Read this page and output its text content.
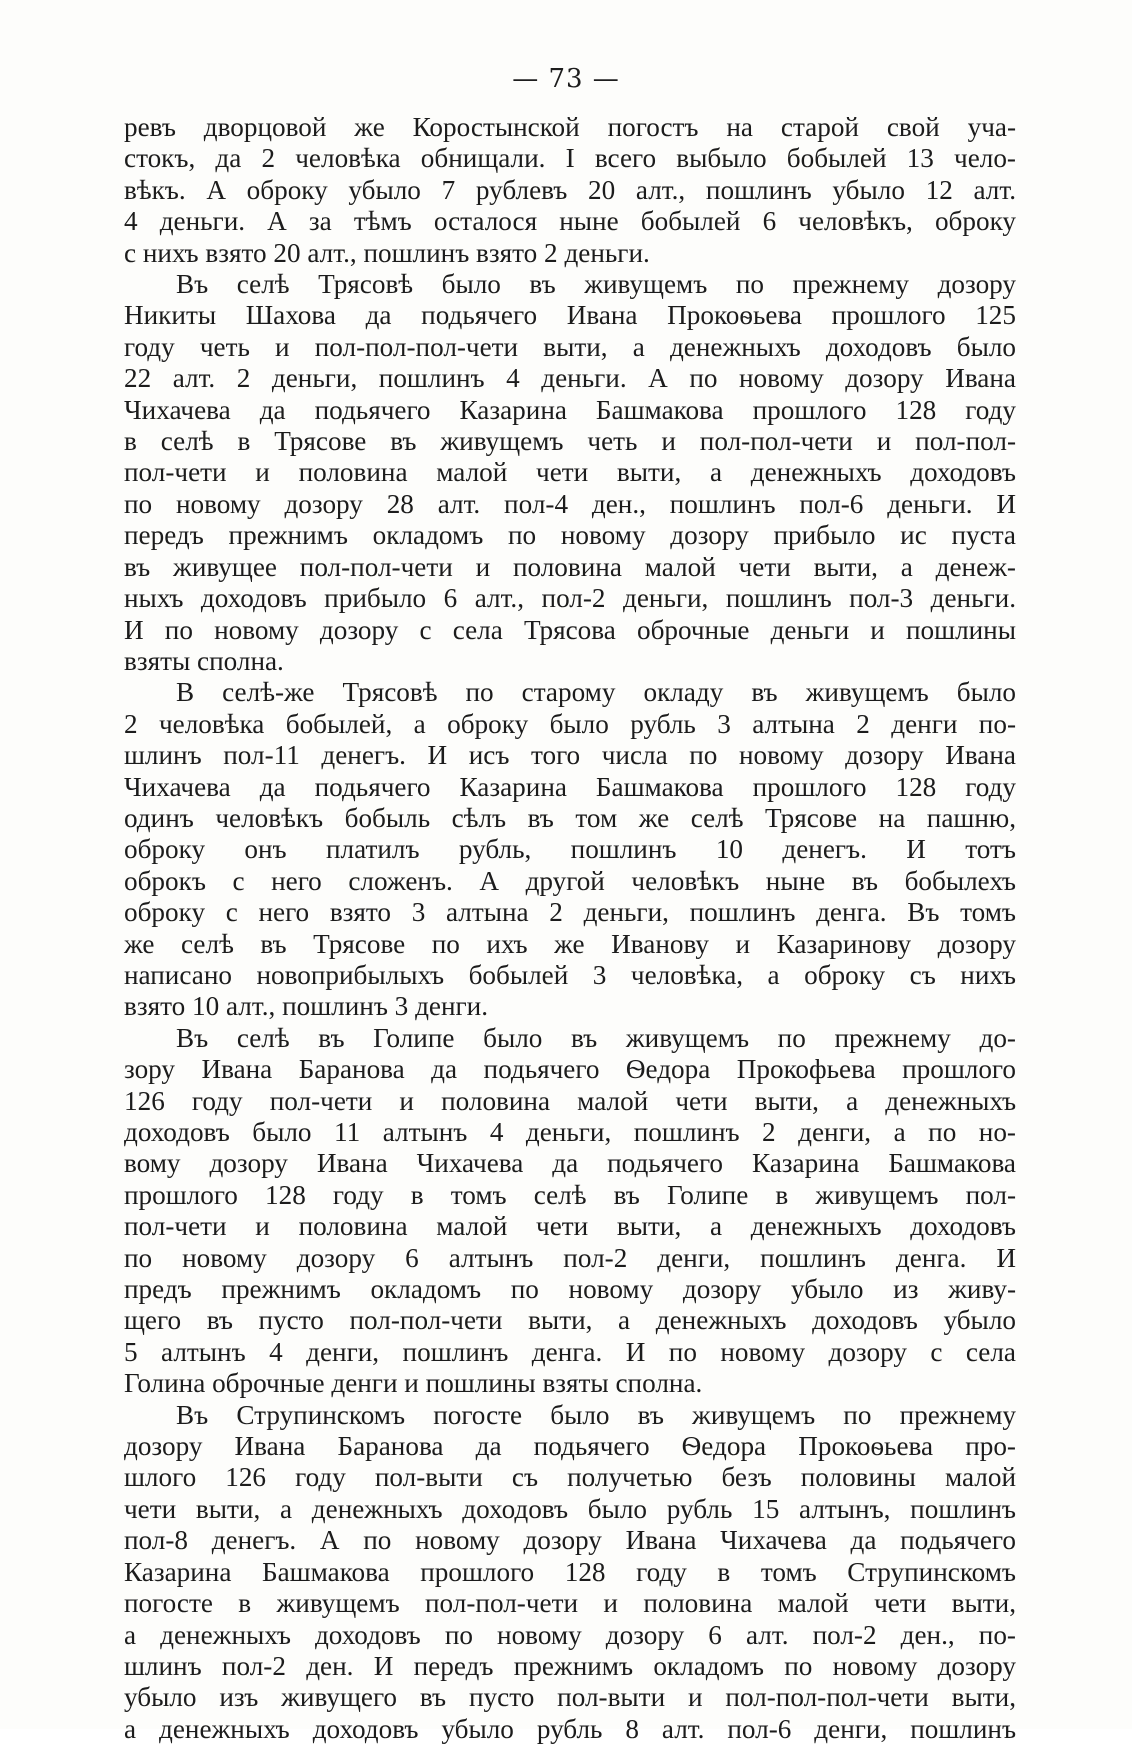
— 73 —

ревъ дворцовой же Коростынской погостъ на старой свой уча-

стокъ, да 2 человѣка обнищали. І всего выбыло бобылей 13 чело-

вѣкъ. А оброку убыло 7 рублевъ 20 алт., пошлинъ убыло 12 алт.

4 деньги. А за тѣмъ осталося ныне бобылей 6 человѣкъ, оброку

с нихъ взято 20 алт., пошлинъ взято 2 деньги.

Въ селѣ Трясовѣ было въ живущемъ по прежнему дозору

Никиты Шахова да подьячего Ивана Прокоѳьева прошлого 125

году четь и пол-пол-пол-чети выти, а денежныхъ доходовъ было

22 алт. 2 деньги, пошлинъ 4 деньги. А по новому дозору Ивана

Чихачева да подьячего Казарина Башмакова прошлого 128 году

в селѣ в Трясове въ живущемъ четь и пол-пол-чети и пол-пол-

пол-чети и половина малой чети выти, а денежныхъ доходовъ

по новому дозору 28 алт. пол-4 ден., пошлинъ пол-6 деньги. И

передъ прежнимъ окладомъ по новому дозору прибыло ис пуста

въ живущее пол-пол-чети и половина малой чети выти, а денеж-

ныхъ доходовъ прибыло 6 алт., пол-2 деньги, пошлинъ пол-3 деньги.

И по новому дозору с села Трясова оброчные деньги и пошлины

взяты сполна.

В селѣ-же Трясовѣ по старому окладу въ живущемъ было

2 человѣка бобылей, а оброку было рубль 3 алтына 2 денги по-

шлинъ пол-11 денегъ. И исъ того числа по новому дозору Ивана

Чихачева да подьячего Казарина Башмакова прошлого 128 году

одинъ человѣкъ бобыль сѣлъ въ том же селѣ Трясове на пашню,

оброку онъ платилъ рубль, пошлинъ 10 денегъ. И тотъ

оброкъ с него сложенъ. А другой человѣкъ ныне въ бобылехъ

оброку с него взято 3 алтына 2 деньги, пошлинъ денга. Въ томъ

же селѣ въ Трясове по ихъ же Иванову и Казаринову дозору

написано новоприбылыхъ бобылей 3 человѣка, а оброку съ нихъ

взято 10 алт., пошлинъ 3 денги.

Въ селѣ въ Голипе было въ живущемъ по прежнему до-

зору Ивана Баранова да подьячего Ѳедора Прокофьева прошлого

126 году пол-чети и половина малой чети выти, а денежныхъ

доходовъ было 11 алтынъ 4 деньги, пошлинъ 2 денги, а по но-

вому дозору Ивана Чихачева да подьячего Казарина Башмакова

прошлого 128 году в томъ селѣ въ Голипе в живущемъ пол-

пол-чети и половина малой чети выти, а денежныхъ доходовъ

по новому дозору 6 алтынъ пол-2 денги, пошлинъ денга. И

предъ прежнимъ окладомъ по новому дозору убыло из живу-

щего въ пусто пол-пол-чети выти, а денежныхъ доходовъ убыло

5 алтынъ 4 денги, пошлинъ денга. И по новому дозору с села

Голина оброчные денги и пошлины взяты сполна.

Въ Струпинскомъ погосте было въ живущемъ по прежнему

дозору Ивана Баранова да подьячего Ѳедора Прокоѳьева про-

шлого 126 году пол-выти съ получетью безъ половины малой

чети выти, а денежныхъ доходовъ было рубль 15 алтынъ, пошлинъ

пол-8 денегъ. А по новому дозору Ивана Чихачева да подьячего

Казарина Башмакова прошлого 128 году в томъ Струпинскомъ

погосте в живущемъ пол-пол-чети и половина малой чети выти,

а денежныхъ доходовъ по новому дозору 6 алт. пол-2 ден., по-

шлинъ пол-2 ден. И передъ прежнимъ окладомъ по новому дозору

убыло изъ живущего въ пусто пол-выти и пол-пол-пол-чети выти,

а денежныхъ доходовъ убыло рубль 8 алт. пол-6 денги, пошлинъ
